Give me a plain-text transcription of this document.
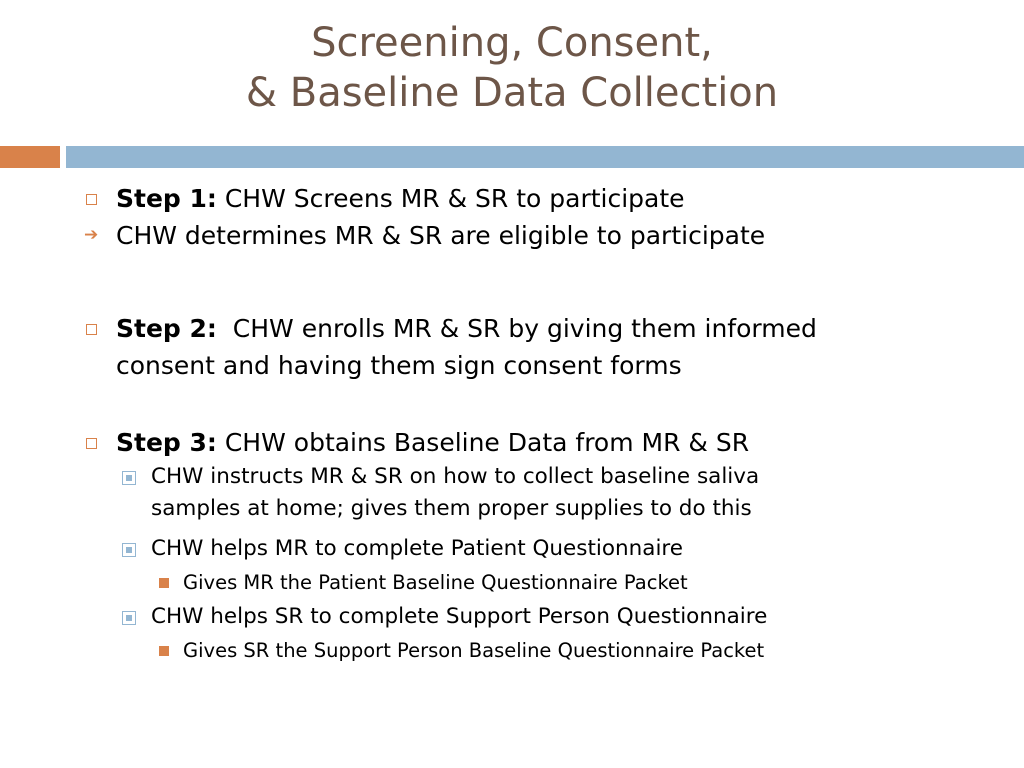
Screening, Consent,
& Baseline Data Collection
Step 1: CHW Screens MR & SR to participate
➔ CHW determines MR & SR are eligible to participate
Step 2:  CHW enrolls MR & SR by giving them informed
consent and having them sign consent forms
Step 3: CHW obtains Baseline Data from MR & SR
CHW instructs MR & SR on how to collect baseline saliva
samples at home; gives them proper supplies to do this
CHW helps MR to complete Patient Questionnaire
Gives MR the Patient Baseline Questionnaire Packet
CHW helps SR to complete Support Person Questionnaire
Gives SR the Support Person Baseline Questionnaire Packet
